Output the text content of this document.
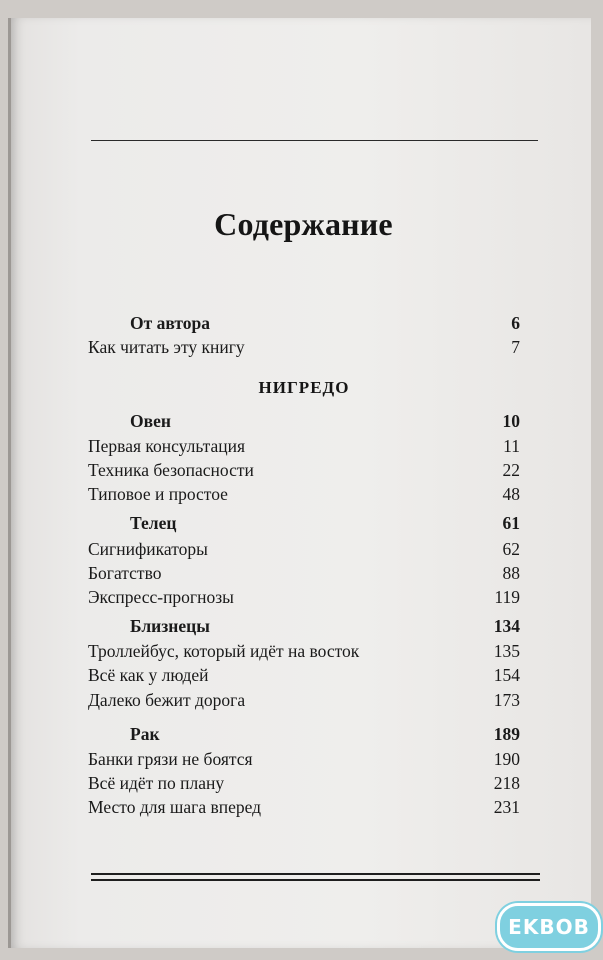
Содержание
От автора	6
Как читать эту книгу	7
Овен	10
Первая консультация	11
Техника безопасности	22
Типовое и простое	48
Телец	61
Сигнификаторы	62
Богатство	88
Экспресс-прогнозы	119
Близнецы	134
Троллейбус, который идёт на восток	135
Всё как у людей	154
Далеко бежит дорога	173
Рак	189
Банки грязи не боятся	190
Всё идёт по плану	218
Место для шага вперед	231
НИГРЕДО
EKBOB
